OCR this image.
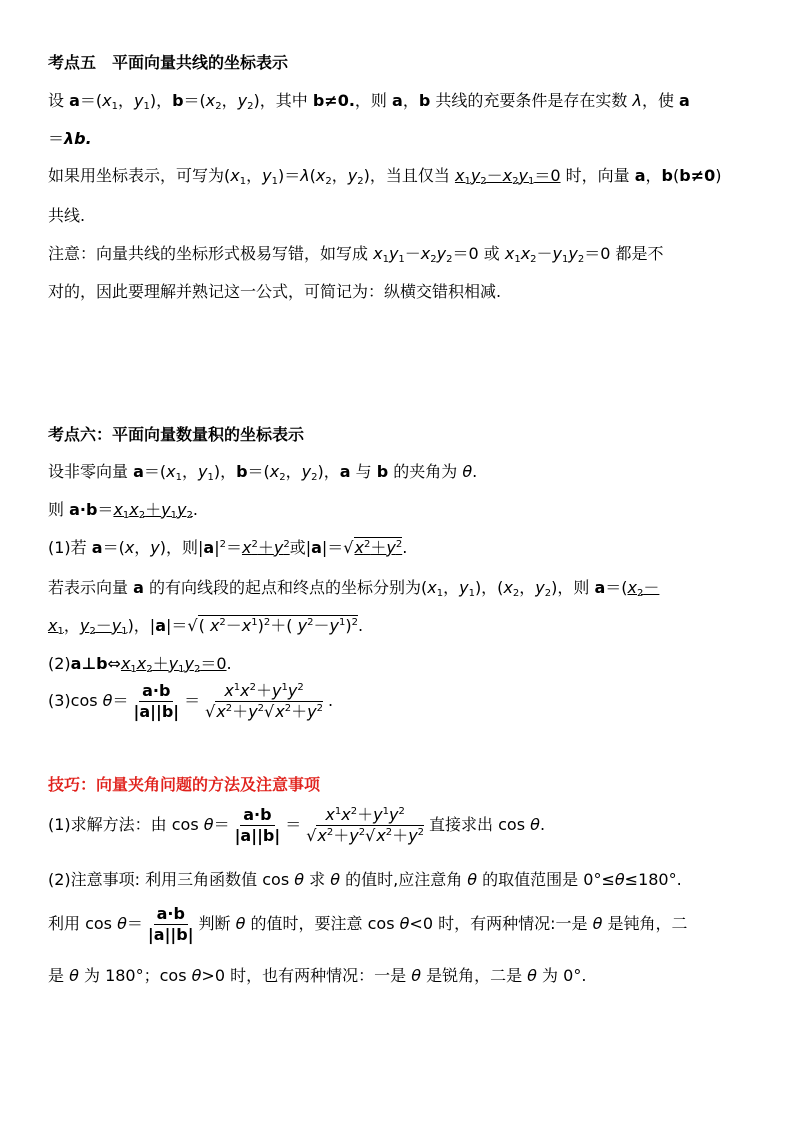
考点五　平面向量共线的坐标表示
设 $a=(x_1$，$y_1$)，$b=(x_2$，$y_2$)，其中 b≠0.，则 a，b 共线的充要条件是存在实数 λ，使 a
＝λb.
如果用坐标表示，可写为($x_1$，$y_1)=\lambda(x_2$，$y_2$)，当且仅当 $x_1y_2-x_2y_1=0$ 时，向量 a，b(b≠0)
共线.
注意：向量共线的坐标形式极易写错，如写成 $x_1y_1-x_2y_2=0$ 或 $x_1x_2-y_1y_2=0$ 都是不
对的，因此要理解并熟记这一公式，可简记为：纵横交错积相减.
考点六：平面向量数量积的坐标表示
设非零向量 $a=(x_1$，$y_1$)，$b=(x_2$，$y_2$)，a 与 b 的夹角为 θ.
则 $a\cdot b=x_1x_2+y_1y_2$.
(1)若 a＝(x，y)，则$|a|^2=x^2+y^2$或$|a|=√x^2+y^2$.
若表示向量 a 的有向线段的起点和终点的坐标分别为($x_1$，$y_1$)，($x_2$，$y_2$)，则 $a=(x_2-$
$x_1$，$y_2-y_1$)，|a|＝√( $x^2-x^1)^2+$( $y^2-y^1)^2$.
$(2)a\perp b\Leftrightarrow x_1x_2+y_1y_2=0$.
(3)cos $\theta= \frac{a\cdot b}{|a||b|} = \frac{x^1x^2+y^1y^2}{√x^2+y^2√x^2+y^2}$ .
技巧：向量夹角问题的方法及注意事项
(1)求解方法：由 $\cos \theta= \frac{a\cdot b}{|a||b|} = \frac{x^1x^2+y^1y^2}{√x^2+y^2√x^2+y^2}$ 直接求出 cos θ.
(2)注意事项: 利用三角函数值 cos θ 求 θ 的值时,应注意角 θ 的取值范围是 0°≤θ≤180°.
利用 $\cos \theta= \frac{a\cdot b}{|a||b|}$ 判断 θ 的值时，要注意 cos θ<0 时，有两种情况:一是 θ 是钝角，二
是 θ 为 180°；cos θ>0 时，也有两种情况：一是 θ 是锐角，二是 θ 为 0°.
